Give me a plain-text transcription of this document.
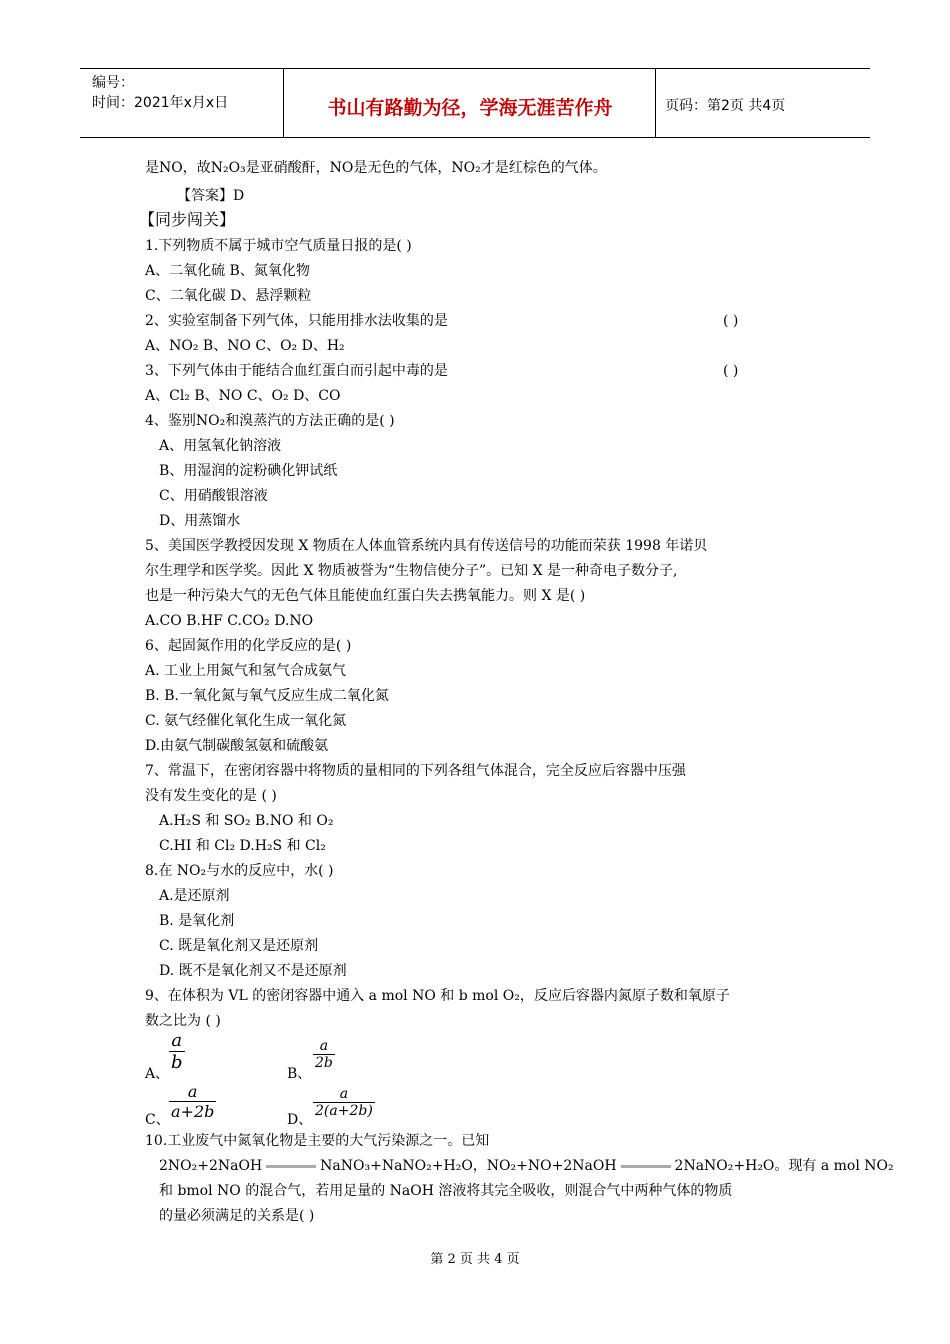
编号：
时间：2021年x月x日	书山有路勤为径，学海无涯苦作舟	页码：第2页 共4页
是NO，故N₂O₃是亚硝酸酐，NO是无色的气体，NO₂才是红棕色的气体。
【答案】D
【同步闯关】
1.下列物质不属于城市空气质量日报的是( )
A、二氧化硫 B、氮氧化物
C、二氧化碳 D、悬浮颗粒
2、实验室制备下列气体，只能用排水法收集的是	( )
A、NO₂ B、NO C、O₂ D、H₂
3、下列气体由于能结合血红蛋白而引起中毒的是	( )
A、Cl₂ B、NO C、O₂ D、CO
4、鉴别NO₂和溴蒸汽的方法正确的是( )
A、用氢氧化钠溶液
B、用湿润的淀粉碘化钾试纸
C、用硝酸银溶液
D、用蒸馏水
5、美国医学教授因发现 X 物质在人体血管系统内具有传送信号的功能而荣获 1998 年诺贝
尔生理学和医学奖。因此 X 物质被誉为“生物信使分子”。已知 X 是一种奇电子数分子,
也是一种污染大气的无色气体且能使血红蛋白失去携氧能力。则 X 是( )
A.CO B.HF C.CO₂ D.NO
6、起固氮作用的化学反应的是( )
A. 工业上用氮气和氢气合成氨气
B. B.一氧化氮与氧气反应生成二氧化氮
C. 氨气经催化氧化生成一氧化氮
D.由氨气制碳酸氢氨和硫酸氨
7、常温下，在密闭容器中将物质的量相同的下列各组气体混合，完全反应后容器中压强
没有发生变化的是 ( )
A.H₂S 和 SO₂ B.NO 和 O₂
C.HI 和 Cl₂ D.H₂S 和 Cl₂
8.在 NO₂与水的反应中，水( )
A.是还原剂
B. 是氧化剂
C. 既是氧化剂又是还原剂
D. 既不是氧化剂又不是还原剂
9、在体积为 VL 的密闭容器中通入 a mol NO 和 b mol O₂，反应后容器内氮原子数和氧原子
数之比为 ( )
A、
$\frac{a}{b}$
B、
$\frac{a}{2b}$
C、 $\frac{a}{a+2b}$	D、
$\frac{a}{2(a+2b)}$
10.工业废气中氮氧化物是主要的大气污染源之一。已知
2NO₂+2NaOH	NaNO₃+NaNO₂+H₂O，NO₂+NO+2NaOH	2NaNO₂+H₂O。现有 a mol NO₂
和 bmol NO 的混合气，若用足量的 NaOH 溶液将其完全吸收，则混合气中两种气体的物质
的量必须满足的关系是( )
第 2 页 共 4 页
